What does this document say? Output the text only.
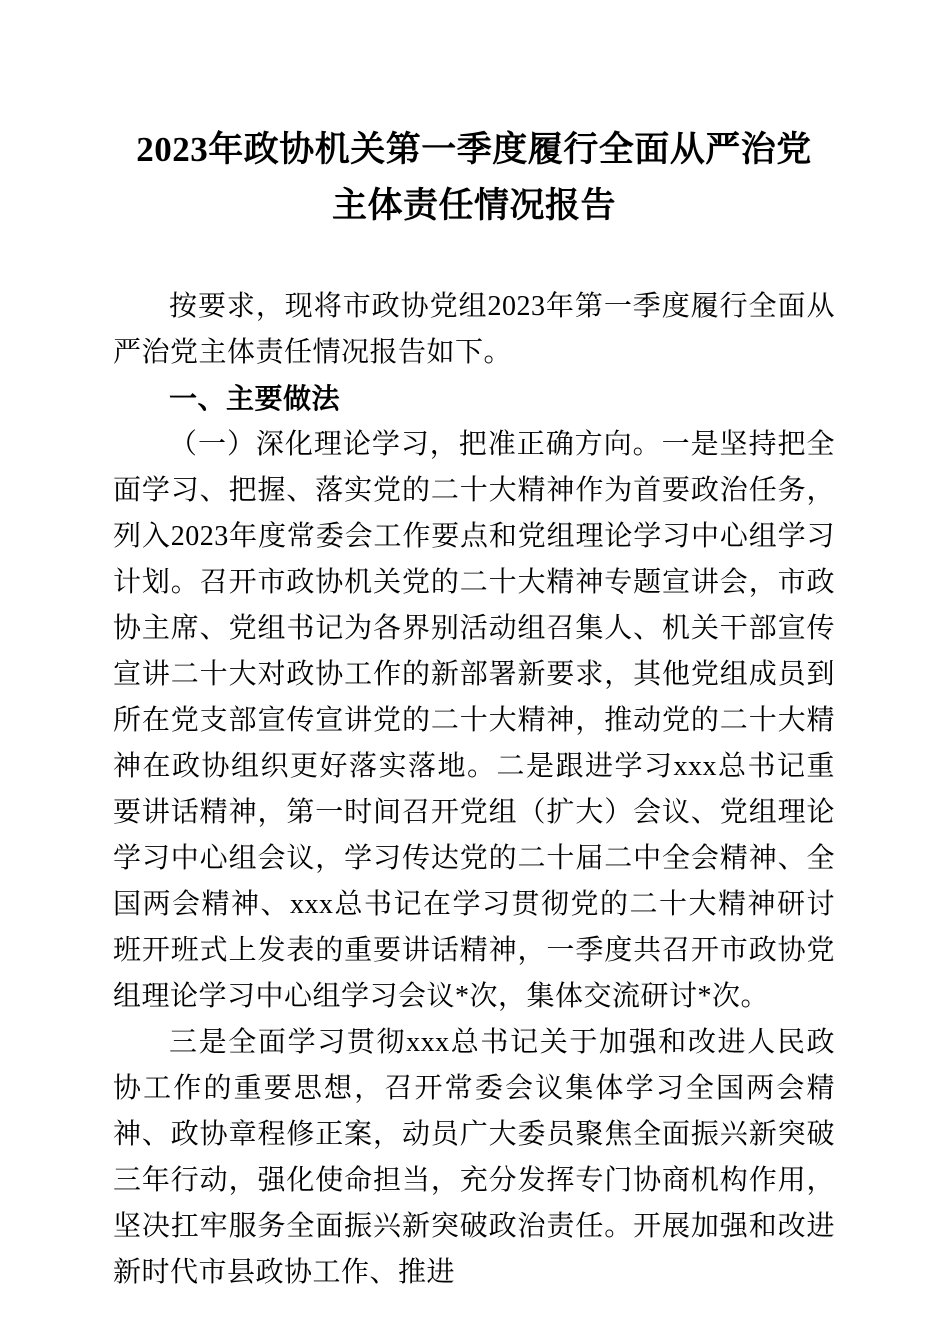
2023年政协机关第一季度履行全面从严治党
主体责任情况报告

按要求，现将市政协党组2023年第一季度履行全面从严治党主体责任情况报告如下。

一、主要做法

（一）深化理论学习，把准正确方向。一是坚持把全面学习、把握、落实党的二十大精神作为首要政治任务，列入2023年度常委会工作要点和党组理论学习中心组学习计划。召开市政协机关党的二十大精神专题宣讲会，市政协主席、党组书记为各界别活动组召集人、机关干部宣传宣讲二十大对政协工作的新部署新要求，其他党组成员到所在党支部宣传宣讲党的二十大精神，推动党的二十大精神在政协组织更好落实落地。二是跟进学习xxx总书记重要讲话精神，第一时间召开党组（扩大）会议、党组理论学习中心组会议，学习传达党的二十届二中全会精神、全国两会精神、xxx总书记在学习贯彻党的二十大精神研讨班开班式上发表的重要讲话精神，一季度共召开市政协党组理论学习中心组学习会议*次，集体交流研讨*次。

三是全面学习贯彻xxx总书记关于加强和改进人民政协工作的重要思想，召开常委会议集体学习全国两会精神、政协章程修正案，动员广大委员聚焦全面振兴新突破三年行动，强化使命担当，充分发挥专门协商机构作用，坚决扛牢服务全面振兴新突破政治责任。开展加强和改进新时代市县政协工作、推进
